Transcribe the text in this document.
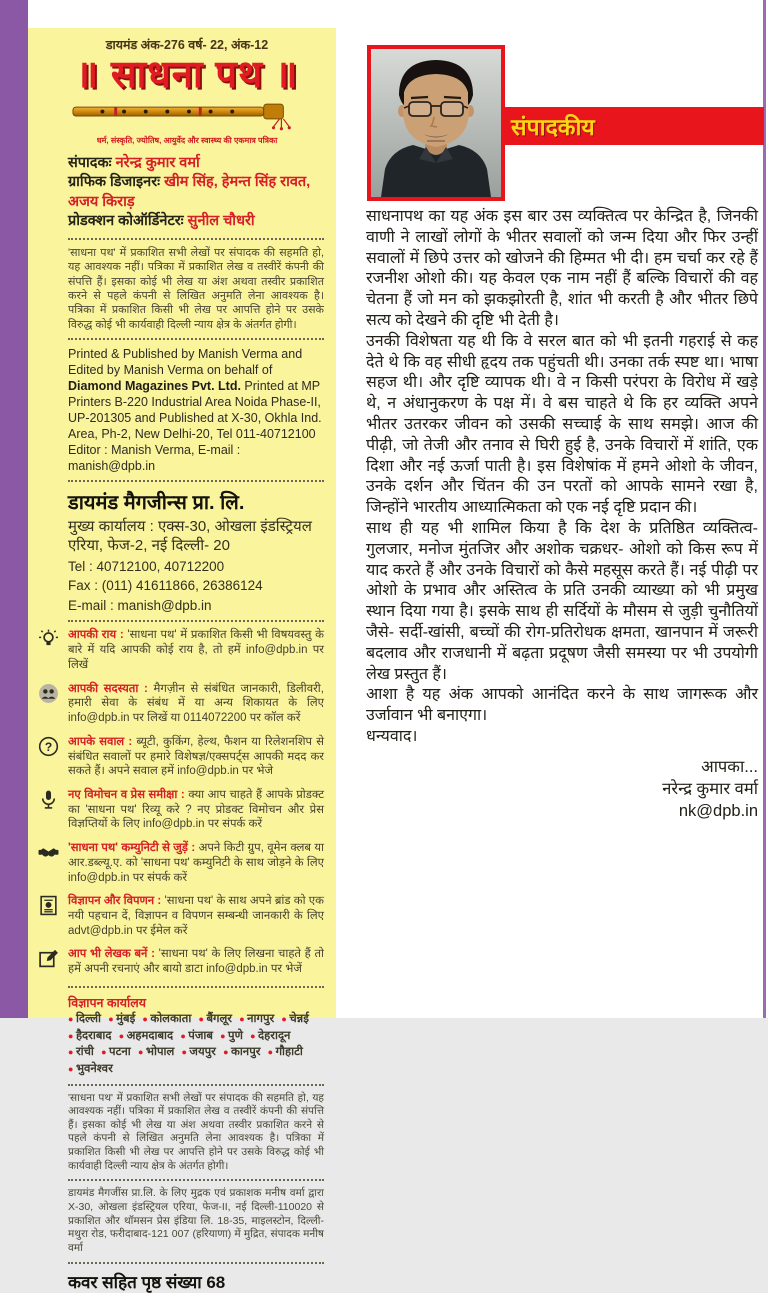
डायमंड अंक-276 वर्ष- 22, अंक-12
॥ साधना पथ ॥
धर्म, संस्कृति, ज्योतिष, आयुर्वेद और स्वास्थ्य की एकमात्र पत्रिका
संपादकः नरेन्द्र कुमार वर्मा
ग्राफिक डिजाइनरः खीम सिंह, हेमन्त सिंह रावत, अजय किराड़
प्रोडक्शन कोऑर्डिनेटरः सुनील चौधरी
'साधना पथ' में प्रकाशित सभी लेखों पर संपादक की सहमति हो, यह आवश्यक नहीं। पत्रिका में प्रकाशित लेख व तस्वीरें कंपनी की संपत्ति हैं। इसका कोई भी लेख या अंश अथवा तस्वीर प्रकाशित करने से पहले कंपनी से लिखित अनुमति लेना आवश्यक है। पत्रिका में प्रकाशित किसी भी लेख पर आपत्ति होने पर उसके विरुद्ध कोई भी कार्यवाही दिल्ली न्याय क्षेत्र के अंतर्गत होगी।
Printed & Published by Manish Verma and Edited by Manish Verma on behalf of Diamond Magazines Pvt. Ltd. Printed at MP Printers B-220 Industrial Area Noida Phase-II, UP-201305 and Published at X-30, Okhla Ind. Area, Ph-2, New Delhi-20, Tel 011-40712100 Editor : Manish Verma, E-mail : manish@dpb.in
डायमंड मैगजीन्स प्रा. लि.
मुख्य कार्यालय : एक्स-30, ओखला इंडस्ट्रियल एरिया, फेज-2, नई दिल्ली- 20
Tel : 40712100, 40712200
Fax : (011) 41611866, 26386124
E-mail : manish@dpb.in
आपकी राय : 'साधना पथ' में प्रकाशित किसी भी विषयवस्तु के बारे में यदि आपकी कोई राय है, तो हमें info@dpb.in पर लिखें
आपकी सदस्यता : मैगज़ीन से संबंधित जानकारी, डिलीवरी, हमारी सेवा के संबंध में या अन्य शिकायत के लिए info@dpb.in पर लिखें या 0114072200 पर कॉल करें
? आपके सवाल : ब्यूटी, कुकिंग, हेल्थ, फैशन या रिलेशनशिप से संबंधित सवालों पर हमारे विशेषज्ञ/एक्सपर्ट्स आपकी मदद कर सकते हैं। अपने सवाल हमें info@dpb.in पर भेजे
नए विमोचन व प्रेस समीक्षा : क्या आप चाहते हैं आपके प्रोडक्ट का 'साधना पथ' रिव्यू करे ? नए प्रोडक्ट विमोचन और प्रेस विज्ञप्तियों के लिए info@dpb.in पर संपर्क करें
'साधना पथ' कम्युनिटी से जुड़ें : अपने किटी ग्रुप, वूमेन क्लब या आर.डब्ल्यू.ए. को 'साधना पथ' कम्युनिटी के साथ जोड़ने के लिए info@dpb.in पर संपर्क करें
विज्ञापन और विपणन : 'साधना पथ' के साथ अपने ब्रांड को एक नयी पहचान दें, विज्ञापन व विपणन सम्बन्धी जानकारी के लिए advt@dpb.in पर ईमेल करें
आप भी लेखक बनें : 'साधना पथ' के लिए लिखना चाहते हैं तो हमें अपनी रचनाएं और बायो डाटा info@dpb.in पर भेजें
विज्ञापन कार्यालय
● दिल्ली ● मुंबई ● कोलकाता ● बैंगलूर ● नागपुर ● चेन्नई ● हैदराबाद ● अहमदाबाद ● पंजाब ● पुणे ● देहरादून ● रांची ● पटना ● भोपाल ● जयपुर ● कानपुर ● गौहाटी ● भुवनेश्वर
'साधना पथ' में प्रकाशित सभी लेखों पर संपादक की सहमति हो, यह आवश्यक नहीं। पत्रिका में प्रकाशित लेख व तस्वीरें कंपनी की संपत्ति हैं। इसका कोई भी लेख या अंश अथवा तस्वीर प्रकाशित करने से पहले कंपनी से लिखित अनुमति लेना आवश्यक है। पत्रिका में प्रकाशित किसी भी लेख पर आपत्ति होने पर उसके विरुद्ध कोई भी कार्यवाही दिल्ली न्याय क्षेत्र के अंतर्गत होगी।
डायमंड मैगजींस प्रा.लि. के लिए मुद्रक एवं प्रकाशक मनीष वर्मा द्वारा X-30, ओखला इंडस्ट्रियल एरिया, फेज-II, नई दिल्ली-110020 से प्रकाशित और थॉमसन प्रेस इंडिया लि. 18-35, माइलस्टोन, दिल्ली-मथुरा रोड, फरीदाबाद-121 007 (हरियाणा) में मुद्रित, संपादक मनीष वर्मा
कवर सहित पृष्ठ संख्या 68
संपादकीय

साधनापथ का यह अंक इस बार उस व्यक्तित्व पर केन्द्रित है, जिनकी वाणी ने लाखों लोगों के भीतर सवालों को जन्म दिया और फिर उन्हीं सवालों में छिपे उत्तर को खोजने की हिम्मत भी दी। हम चर्चा कर रहे हैं रजनीश ओशो की। यह केवल एक नाम नहीं हैं बल्कि विचारों की वह चेतना हैं जो मन को झकझोरती है, शांत भी करती है और भीतर छिपे सत्य को देखने की दृष्टि भी देती है।

उनकी विशेषता यह थी कि वे सरल बात को भी इतनी गहराई से कह देते थे कि वह सीधी हृदय तक पहुंचती थी। उनका तर्क स्पष्ट था। भाषा सहज थी। और दृष्टि व्यापक थी। वे न किसी परंपरा के विरोध में खड़े थे, न अंधानुकरण के पक्ष में। वे बस चाहते थे कि हर व्यक्ति अपने भीतर उतरकर जीवन को उसकी सच्चाई के साथ समझे। आज की पीढ़ी, जो तेजी और तनाव से घिरी हुई है, उनके विचारों में शांति, एक दिशा और नई ऊर्जा पाती है। इस विशेषांक में हमने ओशो के जीवन, उनके दर्शन और चिंतन की उन परतों को आपके सामने रखा है, जिन्होंने भारतीय आध्यात्मिकता को एक नई दृष्टि प्रदान की।

साथ ही यह भी शामिल किया है कि देश के प्रतिष्ठित व्यक्तित्व- गुलजार, मनोज मुंतजिर और अशोक चक्रधर- ओशो को किस रूप में याद करते हैं और उनके विचारों को कैसे महसूस करते हैं। नई पीढ़ी पर ओशो के प्रभाव और अस्तित्व के प्रति उनकी व्याख्या को भी प्रमुख स्थान दिया गया है। इसके साथ ही सर्दियों के मौसम से जुड़ी चुनौतियों जैसे- सर्दी-खांसी, बच्चों की रोग-प्रतिरोधक क्षमता, खानपान में जरूरी बदलाव और राजधानी में बढ़ता प्रदूषण जैसी समस्या पर भी उपयोगी लेख प्रस्तुत हैं।

आशा है यह अंक आपको आनंदित करने के साथ जागरूक और उर्जावान भी बनाएगा।

धन्यवाद।

आपका...
नरेन्द्र कुमार वर्मा
nk@dpb.in
